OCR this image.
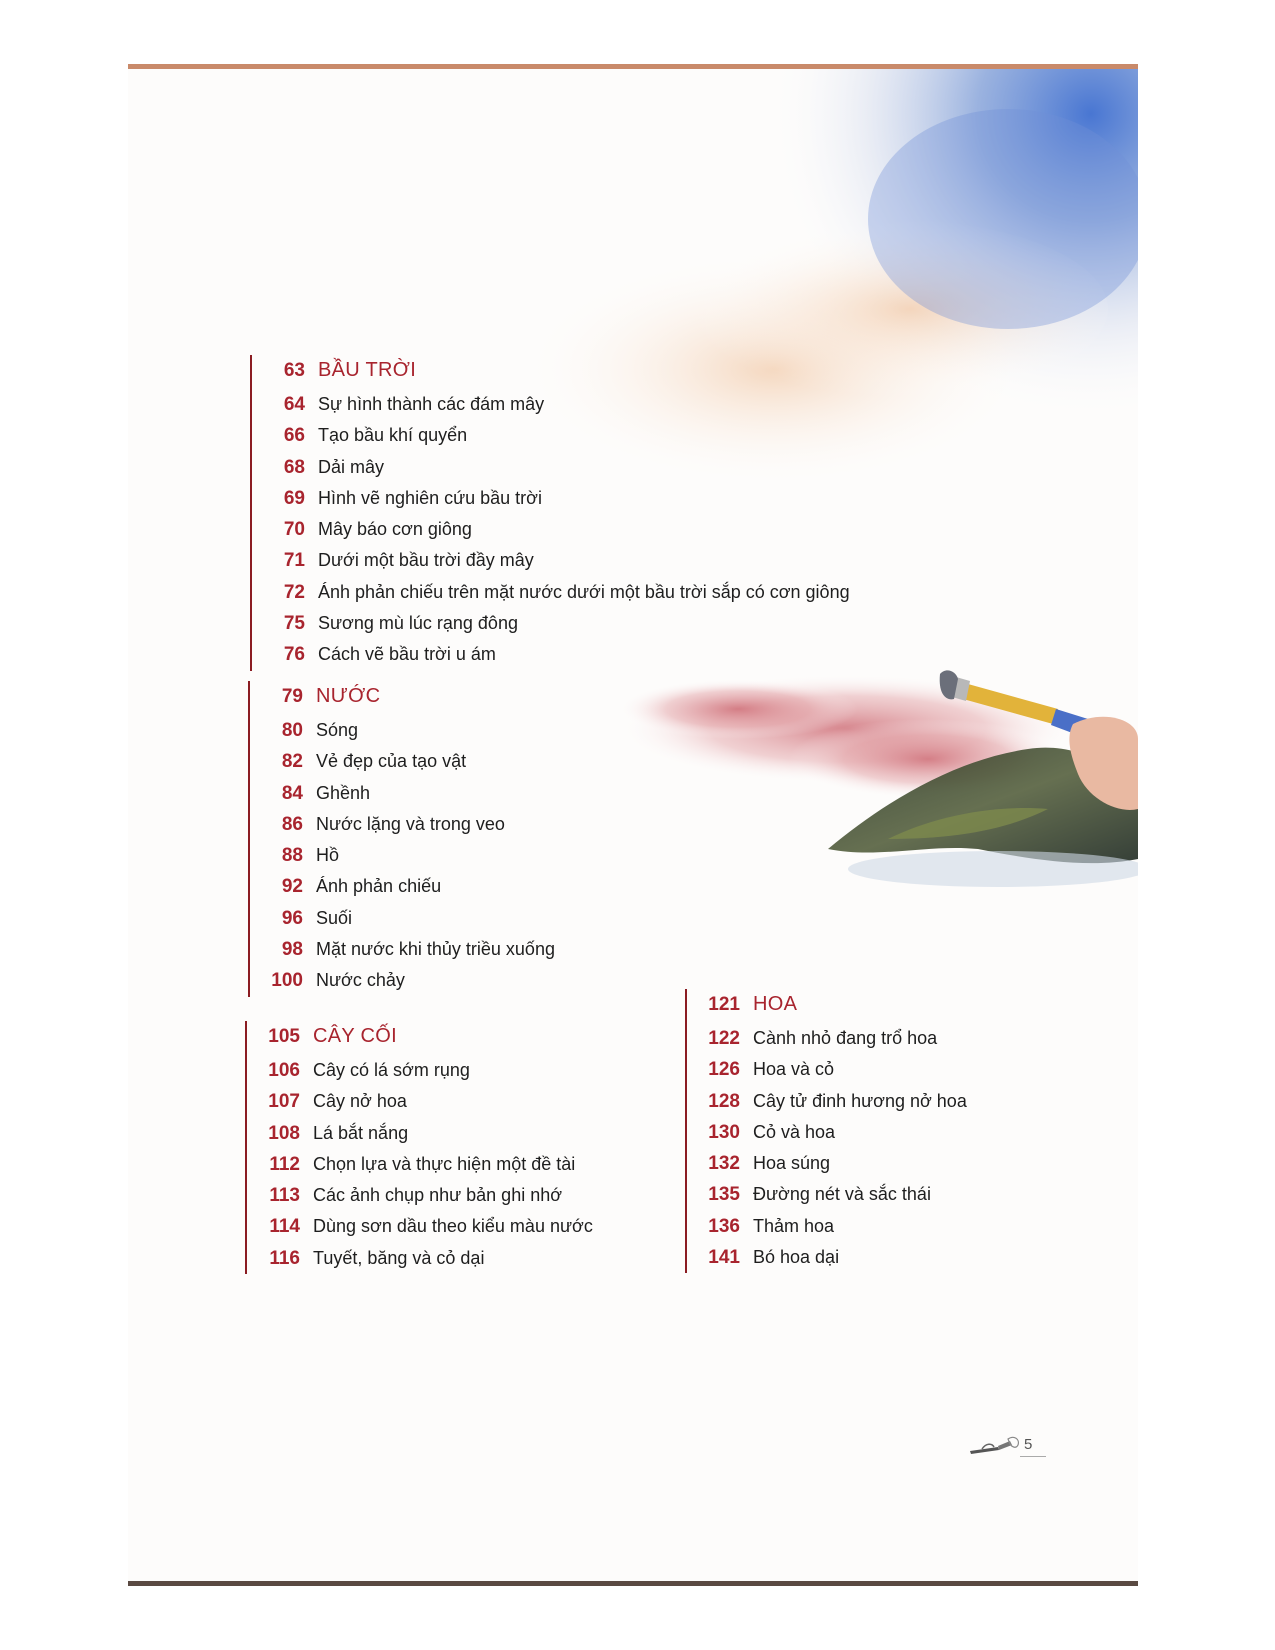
63 BẦU TRỜI
64 Sự hình thành các đám mây
66 Tạo bầu khí quyển
68 Dải mây
69 Hình vẽ nghiên cứu bầu trời
70 Mây báo cơn giông
71 Dưới một bầu trời đầy mây
72 Ánh phản chiếu trên mặt nước dưới một bầu trời sắp có cơn giông
75 Sương mù lúc rạng đông
76 Cách vẽ bầu trời u ám
79 NƯỚC
80 Sóng
82 Vẻ đẹp của tạo vật
84 Ghềnh
86 Nước lặng và trong veo
88 Hồ
92 Ánh phản chiếu
96 Suối
98 Mặt nước khi thủy triều xuống
100 Nước chảy
105 CÂY CỐI
106 Cây có lá sớm rụng
107 Cây nở hoa
108 Lá bắt nắng
112 Chọn lựa và thực hiện một đề tài
113 Các ảnh chụp như bản ghi nhớ
114 Dùng sơn dầu theo kiểu màu nước
116 Tuyết, băng và cỏ dại
121 HOA
122 Cành nhỏ đang trổ hoa
126 Hoa và cỏ
128 Cây tử đinh hương nở hoa
130 Cỏ và hoa
132 Hoa súng
135 Đường nét và sắc thái
136 Thảm hoa
141 Bó hoa dại
5
